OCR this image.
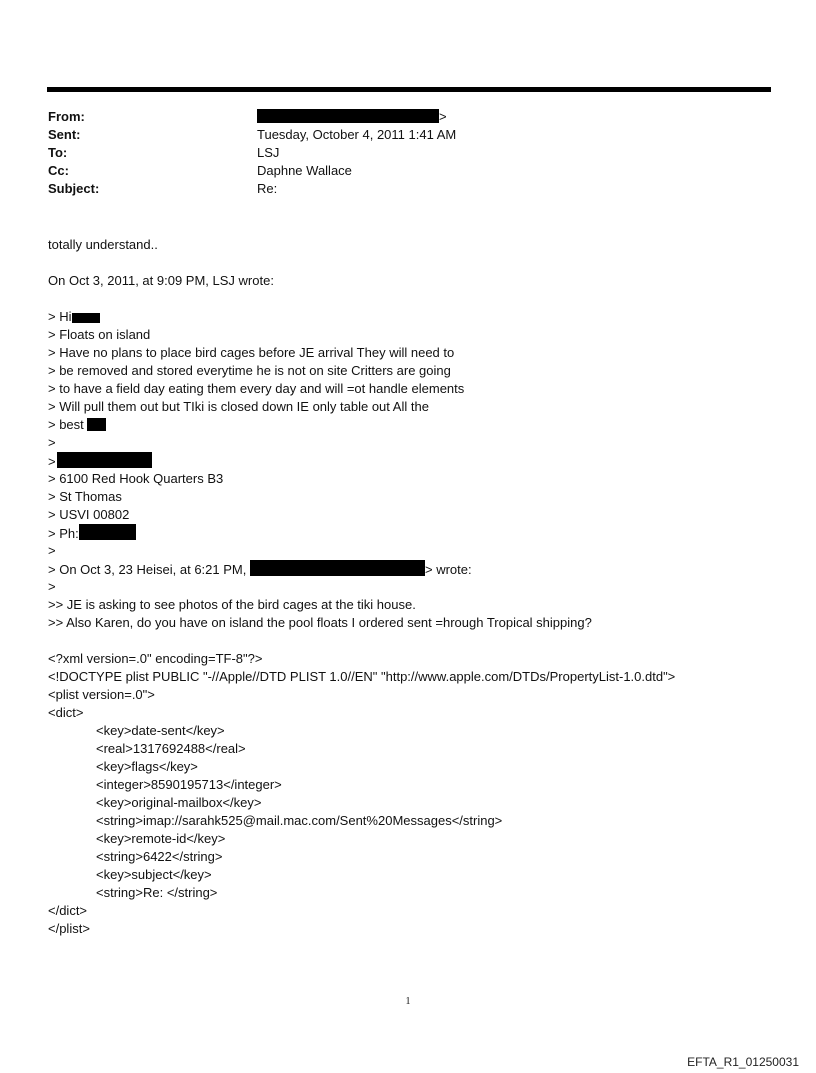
From:	>
Sent:	Tuesday, October 4, 2011 1:41 AM
To:	LSJ
Cc:	Daphne Wallace
Subject:	Re:
totally understand..
On Oct 3, 2011, at 9:09 PM, LSJ wrote:
> Hi
> Floats on island
> Have no plans to place bird cages before JE arrival They will need to
> be removed and stored everytime he is not on site Critters are going
> to have a field day eating them every day and will =ot handle elements
> Will pull them out but TIki is closed down IE only table out All the
> best
>
>
> 6100 Red Hook Quarters B3
> St Thomas
> USVI 00802
> Ph:
>
> On Oct 3, 23 Heisei, at 6:21 PM,	> wrote:
>
>> JE is asking to see photos of the bird cages at the tiki house.
>> Also Karen, do you have on island the pool floats I ordered sent =hrough Tropical shipping?
<?xml version=.0" encoding=TF-8"?>
<!DOCTYPE plist PUBLIC "-//Apple//DTD PLIST 1.0//EN" "http://www.apple.com/DTDs/PropertyList-1.0.dtd">
<plist version=.0">
<dict>
<key>date-sent</key>
<real>1317692488</real>
<key>flags</key>
<integer>8590195713</integer>
<key>original-mailbox</key>
<string>imap://sarahk525@mail.mac.com/Sent%20Messages</string>
<key>remote-id</key>
<string>6422</string>
<key>subject</key>
<string>Re: </string>
</dict>
</plist>
1
EFTA_R1_01250031
